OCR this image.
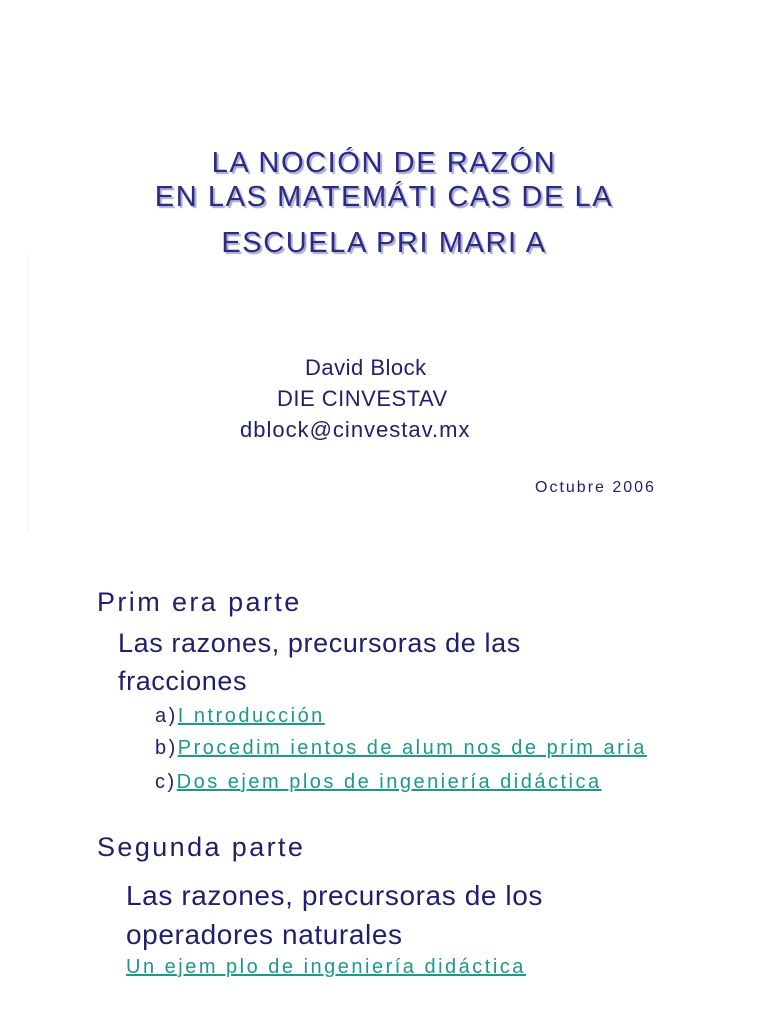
LA NOCIÓN DE RAZÓN
EN LAS MATEMÁTI CAS DE LA
ESCUELA PRI MARI A
David Block
DIE CINVESTAV
dblock@cinvestav.mx
Octubre 2006
Prim era parte
Las razones, precursoras de las
fracciones
a)I ntroducción
b)Procedim ientos de alum nos de prim aria
c)Dos ejem plos de ingeniería didáctica
Segunda parte
Las razones, precursoras de los
operadores naturales
Un ejem plo de ingeniería didáctica
